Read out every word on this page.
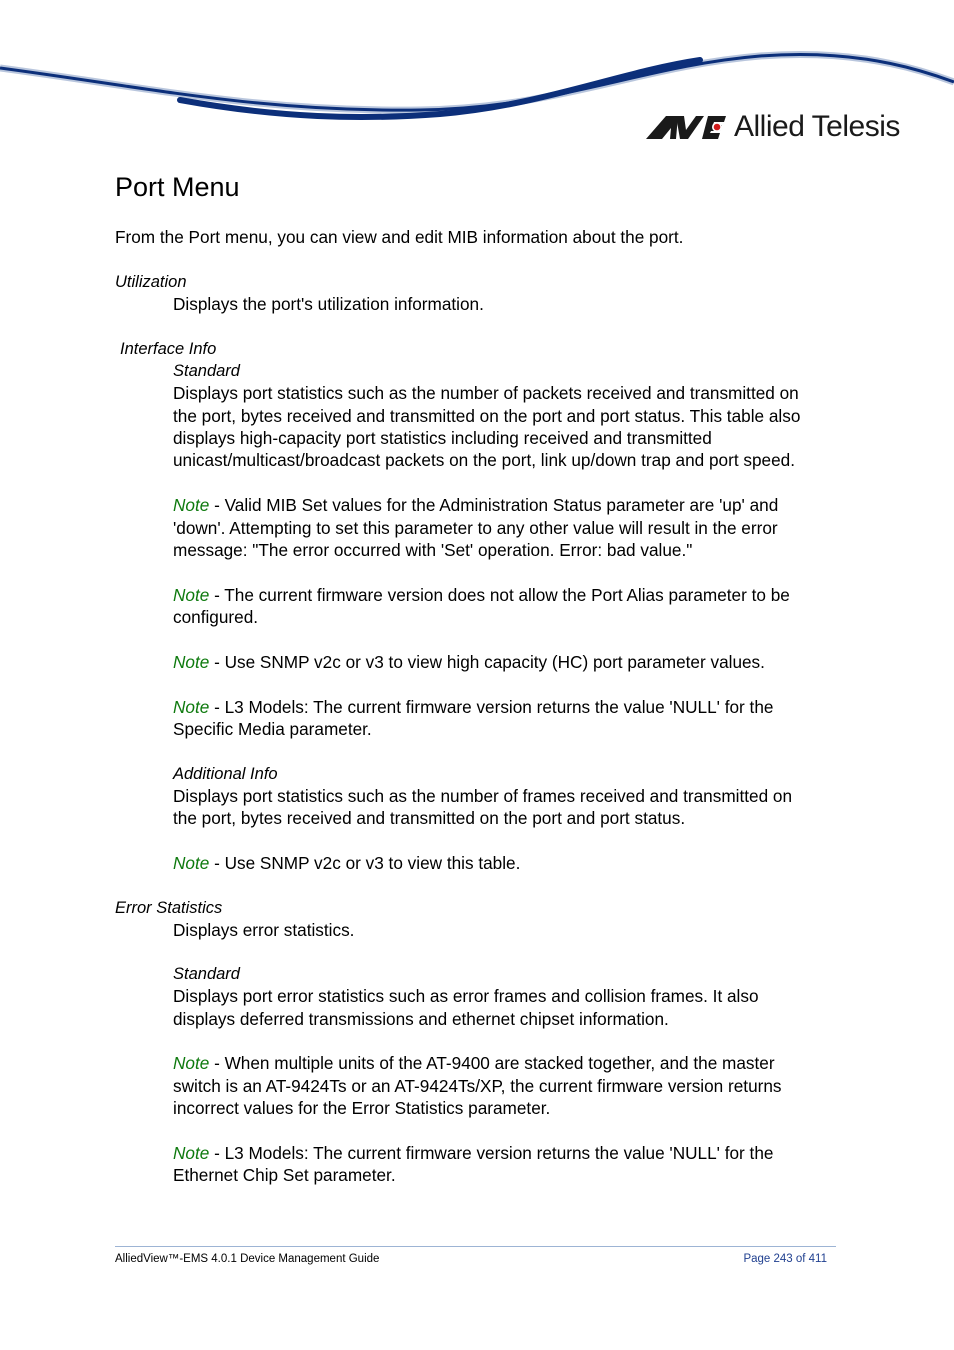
Allied Telesis
Port Menu

From the Port menu, you can view and edit MIB information about the port.

Utilization

Displays the port's utilization information.

Interface Info

Standard

Displays port statistics such as the number of packets received and transmitted on

the port, bytes received and transmitted on the port and port status. This table also

displays high-capacity port statistics including received and transmitted

unicast/multicast/broadcast packets on the port, link up/down trap and port speed.

Note - Valid MIB Set values for the Administration Status parameter are 'up' and

'down'. Attempting to set this parameter to any other value will result in the error

message: "The error occurred with 'Set' operation. Error: bad value."

Note - The current firmware version does not allow the Port Alias parameter to be

configured.

Note - Use SNMP v2c or v3 to view high capacity (HC) port parameter values.

Note - L3 Models: The current firmware version returns the value 'NULL' for the

Specific Media parameter.

Additional Info

Displays port statistics such as the number of frames received and transmitted on

the port, bytes received and transmitted on the port and port status.

Note - Use SNMP v2c or v3 to view this table.

Error Statistics

Displays error statistics.

Standard

Displays port error statistics such as error frames and collision frames. It also

displays deferred transmissions and ethernet chipset information.

Note - When multiple units of the AT-9400 are stacked together, and the master

switch is an AT-9424Ts or an AT-9424Ts/XP, the current firmware version returns

incorrect values for the Error Statistics parameter.

Note - L3 Models: The current firmware version returns the value 'NULL' for the

Ethernet Chip Set parameter.

AlliedView™-EMS 4.0.1 Device Management Guide	Page 243 of 411
